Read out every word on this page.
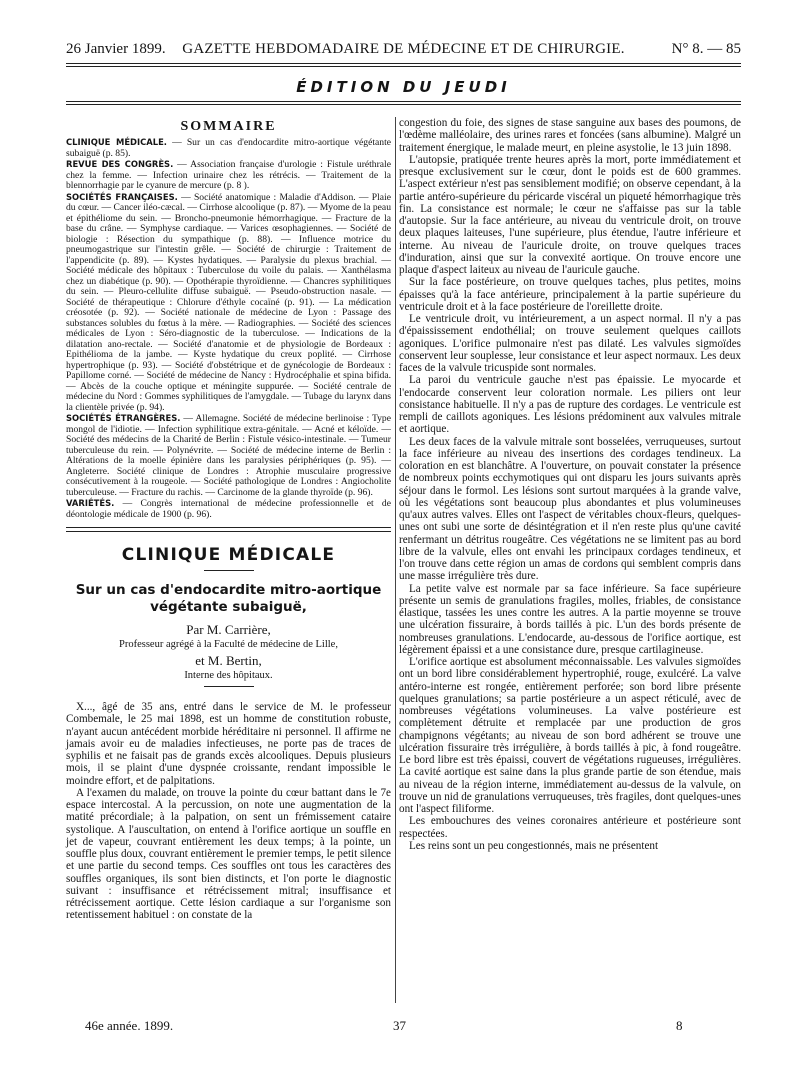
26 Janvier 1899.	GAZETTE HEBDOMADAIRE DE MÉDECINE ET DE CHIRURGIE.	N° 8. — 85
ÉDITION DU JEUDI
SOMMAIRE

CLINIQUE MÉDICALE. — Sur un cas d'endocardite mitro-aortique végétante subaiguë (p. 85).

REVUE DES CONGRÈS. — Association française d'urologie : Fistule uréthrale chez la femme. — Infection urinaire chez les rétrécis. — Traitement de la blennorrhagie par le cyanure de mercure (p. 8 ).

SOCIÉTÉS FRANÇAISES. — Société anatomique : Maladie d'Addison. — Plaie du cœur. — Cancer iléo-cæcal. — Cirrhose alcoolique (p. 87). — Myome de la peau et épithéliome du sein. — Broncho-pneumonie hémorrhagique. — Fracture de la base du crâne. — Symphyse cardiaque. — Varices œsophagiennes. — Société de biologie : Résection du sympathique (p. 88). — Influence motrice du pneumogastrique sur l'intestin grêle. — Société de chirurgie : Traitement de l'appendicite (p. 89). — Kystes hydatiques. — Paralysie du plexus brachial. — Société médicale des hôpitaux : Tuberculose du voile du palais. — Xanthélasma chez un diabétique (p. 90). — Opothérapie thyroïdienne. — Chancres syphilitiques du sein. — Pleuro-cellulite diffuse subaiguë. — Pseudo-obstruction nasale. — Société de thérapeutique : Chlorure d'éthyle cocaïné (p. 91). — La médication créosotée (p. 92). — Société nationale de médecine de Lyon : Passage des substances solubles du fœtus à la mère. — Radiographies. — Société des sciences médicales de Lyon : Séro-diagnostic de la tuberculose. — Indications de la dilatation ano-rectale. — Société d'anatomie et de physiologie de Bordeaux : Epithélioma de la jambe. — Kyste hydatique du creux poplité. — Cirrhose hypertrophique (p. 93). — Société d'obstétrique et de gynécologie de Bordeaux : Papillome corné. — Société de médecine de Nancy : Hydrocéphalie et spina bifida. — Abcès de la couche optique et méningite suppurée. — Société centrale de médecine du Nord : Gommes syphilitiques de l'amygdale. — Tubage du larynx dans la clientèle privée (p. 94).

SOCIÉTÉS ÉTRANGÈRES. — Allemagne. Société de médecine berlinoise : Type mongol de l'idiotie. — Infection syphilitique extra-génitale. — Acné et kéloïde. — Société des médecins de la Charité de Berlin : Fistule vésico-intestinale. — Tumeur tuberculeuse du rein. — Polynévrite. — Société de médecine interne de Berlin : Altérations de la moelle épinière dans les paralysies périphériques (p. 95). — Angleterre. Société clinique de Londres : Atrophie musculaire progressive consécutivement à la rougeole. — Société pathologique de Londres : Angiocholite tuberculeuse. — Fracture du rachis. — Carcinome de la glande thyroïde (p. 96).

VARIÉTÉS. — Congrès international de médecine professionnelle et de déontologie médicale de 1900 (p. 96).

CLINIQUE MÉDICALE
Sur un cas d'endocardite mitro-aortique végétante subaiguë,
Par M. Carrière,
Professeur agrégé à la Faculté de médecine de Lille,
et M. Bertin,
Interne des hôpitaux.

X..., âgé de 35 ans, entré dans le service de M. le professeur Combemale, le 25 mai 1898, est un homme de constitution robuste, n'ayant aucun antécédent morbide héréditaire ni personnel. Il affirme ne jamais avoir eu de maladies infectieuses, ne porte pas de traces de syphilis et ne faisait pas de grands excès alcooliques. Depuis plusieurs mois, il se plaint d'une dyspnée croissante, rendant impossible le moindre effort, et de palpitations.

A l'examen du malade, on trouve la pointe du cœur battant dans le 7e espace intercostal. A la percussion, on note une augmentation de la matité précordiale; à la palpation, on sent un frémissement cataire systolique. A l'auscultation, on entend à l'orifice aortique un souffle en jet de vapeur, couvrant entièrement les deux temps; à la pointe, un souffle plus doux, couvrant entièrement le premier temps, le petit silence et une partie du second temps. Ces souffles ont tous les caractères des souffles organiques, ils sont bien distincts, et l'on porte le diagnostic suivant : insuffisance et rétrécissement mitral; insuffisance et rétrécissement aortique. Cette lésion cardiaque a sur l'organisme son retentissement habituel : on constate de la

congestion du foie, des signes de stase sanguine aux bases des poumons, de l'œdème malléolaire, des urines rares et foncées (sans albumine). Malgré un traitement énergique, le malade meurt, en pleine asystolie, le 13 juin 1898.

L'autopsie, pratiquée trente heures après la mort, porte immédiatement et presque exclusivement sur le cœur, dont le poids est de 600 grammes. L'aspect extérieur n'est pas sensiblement modifié; on observe cependant, à la partie antéro-supérieure du péricarde viscéral un piqueté hémorrhagique très fin. La consistance est normale; le cœur ne s'affaisse pas sur la table d'autopsie. Sur la face antérieure, au niveau du ventricule droit, on trouve deux plaques laiteuses, l'une supérieure, plus étendue, l'autre inférieure et interne. Au niveau de l'auricule droite, on trouve quelques traces d'induration, ainsi que sur la convexité aortique. On trouve encore une plaque d'aspect laiteux au niveau de l'auricule gauche.

Sur la face postérieure, on trouve quelques taches, plus petites, moins épaisses qu'à la face antérieure, principalement à la partie supérieure du ventricule droit et à la face postérieure de l'oreillette droite.

Le ventricule droit, vu intérieurement, a un aspect normal. Il n'y a pas d'épaississement endothélial; on trouve seulement quelques caillots agoniques. L'orifice pulmonaire n'est pas dilaté. Les valvules sigmoïdes conservent leur souplesse, leur consistance et leur aspect normaux. Les deux faces de la valvule tricuspide sont normales.

La paroi du ventricule gauche n'est pas épaissie. Le myocarde et l'endocarde conservent leur coloration normale. Les piliers ont leur consistance habituelle. Il n'y a pas de rupture des cordages. Le ventricule est rempli de caillots agoniques. Les lésions prédominent aux valvules mitrale et aortique.

Les deux faces de la valvule mitrale sont bosselées, verruqueuses, surtout la face inférieure au niveau des insertions des cordages tendineux. La coloration en est blanchâtre. A l'ouverture, on pouvait constater la présence de nombreux points ecchymotiques qui ont disparu les jours suivants après séjour dans le formol. Les lésions sont surtout marquées à la grande valve, où les végétations sont beaucoup plus abondantes et plus volumineuses qu'aux autres valves. Elles ont l'aspect de véritables choux-fleurs, quelques-unes ont subi une sorte de désintégration et il n'en reste plus qu'une cavité renfermant un détritus rougeâtre. Ces végétations ne se limitent pas au bord libre de la valvule, elles ont envahi les principaux cordages tendineux, et l'on trouve dans cette région un amas de cordons qui semblent compris dans une masse irrégulière très dure.

La petite valve est normale par sa face inférieure. Sa face supérieure présente un semis de granulations fragiles, molles, friables, de consistance élastique, tassées les unes contre les autres. A la partie moyenne se trouve une ulcération fissuraire, à bords taillés à pic. L'un des bords présente de nombreuses granulations. L'endocarde, au-dessous de l'orifice aortique, est légèrement épaissi et a une consistance dure, presque cartilagineuse.

L'orifice aortique est absolument méconnaissable. Les valvules sigmoïdes ont un bord libre considérablement hypertrophié, rouge, exulcéré. La valve antéro-interne est rongée, entièrement perforée; son bord libre présente quelques granulations; sa partie postérieure a un aspect réticulé, avec de nombreuses végétations volumineuses. La valve postérieure est complètement détruite et remplacée par une production de gros champignons végétants; au niveau de son bord adhérent se trouve une ulcération fissuraire très irrégulière, à bords taillés à pic, à fond rougeâtre. Le bord libre est très épaissi, couvert de végétations rugueuses, irrégulières. La cavité aortique est saine dans la plus grande partie de son étendue, mais au niveau de la région interne, immédiatement au-dessus de la valvule, on trouve un nid de granulations verruqueuses, très fragiles, dont quelques-unes ont l'aspect filiforme.

Les embouchures des veines coronaires antérieure et postérieure sont respectées.

Les reins sont un peu congestionnés, mais ne présentent

46e année. 1899.	37	8
